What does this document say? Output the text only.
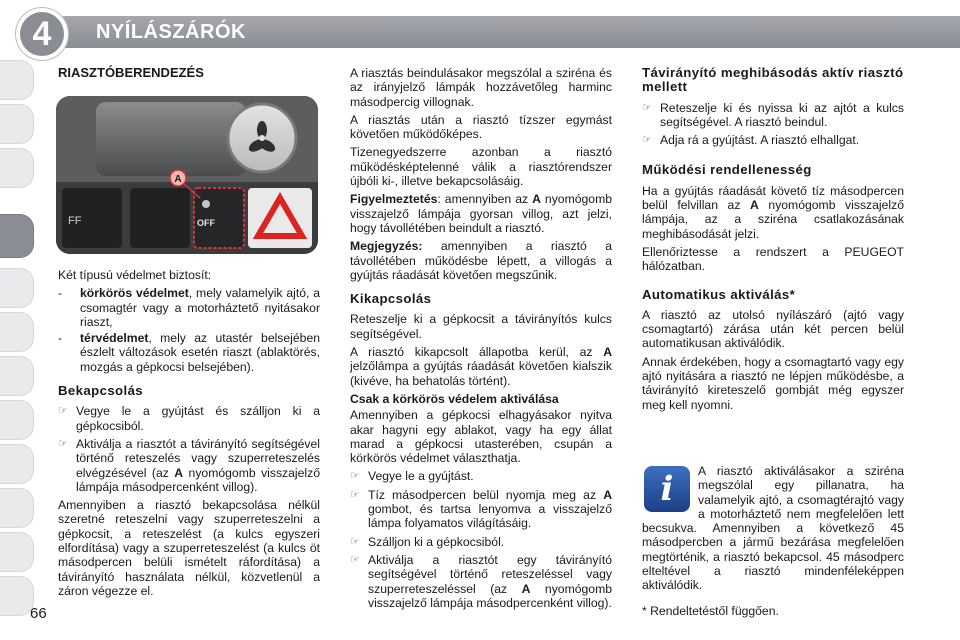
4	NYÍLÁSZÁRÓK
FF	OFF
A
RIASZTÓBERENDEZÉS

Két típusú védelmet biztosít:

-	körkörös védelmet, mely valamelyik ajtó, a csomagtér vagy a motorháztető nyitásakor riaszt,
-	térvédelmet, mely az utastér belsejében észlelt változások esetén riaszt (ablaktörés, mozgás a gépkocsi belsejében).
Bekapcsolás
☞ Vegye le a gyújtást és szálljon ki a gépkocsiból.
☞ Aktiválja a riasztót a távirányító segítségével történő reteszelés vagy szuperreteszelés elvégzésével (az A nyomógomb visszajelző lámpája másodpercenként villog).

Amennyiben a riasztó bekapcsolása nélkül szeretné reteszelni vagy szuperreteszelni a gépkocsit, a reteszelést (a kulcs egyszeri elfordítása) vagy a szuperreteszelést (a kulcs öt másodpercen belüli ismételt ráfordítása) a távirányító használata nélkül, közvetlenül a záron végezze el.

A riasztás beindulásakor megszólal a sziréna és az irányjelző lámpák hozzávetőleg harminc másodpercig villognak.

A riasztás után a riasztó tízszer egymást követően működőképes.

Tizenegyedszerre azonban a riasztó működésképtelenné válik a riasztórendszer újbóli ki-, illetve bekapcsolásáig.

Figyelmeztetés: amennyiben az A nyomógomb visszajelző lámpája gyorsan villog, azt jelzi, hogy távollétében beindult a riasztó.

Megjegyzés: amennyiben a riasztó a távollétében működésbe lépett, a villogás a gyújtás ráadását követően megszűnik.

Kikapcsolás

Reteszelje ki a gépkocsit a távirányítós kulcs segítségével.

A riasztó kikapcsolt állapotba kerül, az A jelzőlámpa a gyújtás ráadását követően kialszik (kivéve, ha behatolás történt).

Csak a körkörös védelem aktiválása

Amennyiben a gépkocsi elhagyásakor nyitva akar hagyni egy ablakot, vagy ha egy állat marad a gépkocsi utasterében, csupán a körkörös védelmet választhatja.

☞ Vegye le a gyújtást.
☞ Tíz másodpercen belül nyomja meg az A gombot, és tartsa lenyomva a visszajelző lámpa folyamatos világításáig.
☞ Szálljon ki a gépkocsiból.
☞ Aktiválja a riasztót egy távirányító segítségével történő reteszeléssel vagy szuperreteszeléssel (az A nyomógomb visszajelző lámpája másodpercenként villog).
Távirányító meghibásodás aktív riasztó mellett
☞ Reteszelje ki és nyissa ki az ajtót a kulcs segítségével. A riasztó beindul.
☞ Adja rá a gyújtást. A riasztó elhallgat.
Működési rendellenesség

Ha a gyújtás ráadását követő tíz másodpercen belül felvillan az A nyomógomb visszajelző lámpája, az a sziréna csatlakozásának meghibásodását jelzi.

Ellenőriztesse a rendszert a PEUGEOT hálózatban.

Automatikus aktiválás*

A riasztó az utolsó nyílászáró (ajtó vagy csomagtartó) zárása után két percen belül automatikusan aktiválódik.

Annak érdekében, hogy a csomagtartó vagy egy ajtó nyitására a riasztó ne lépjen működésbe, a távirányító kireteszelő gombját még egyszer meg kell nyomni.

A riasztó aktiválásakor a sziréna megszólal egy pillanatra, ha valamelyik ajtó, a csomagtérajtó vagy a motorháztető nem megfelelően lett becsukva. Amennyiben a következő 45 másodpercben a jármű bezárása megfelelően megtörténik, a riasztó bekapcsol. 45 másodperc elteltével a riasztó mindenféleképpen aktiválódik.
i
* Rendeltetéstől függően.
66
